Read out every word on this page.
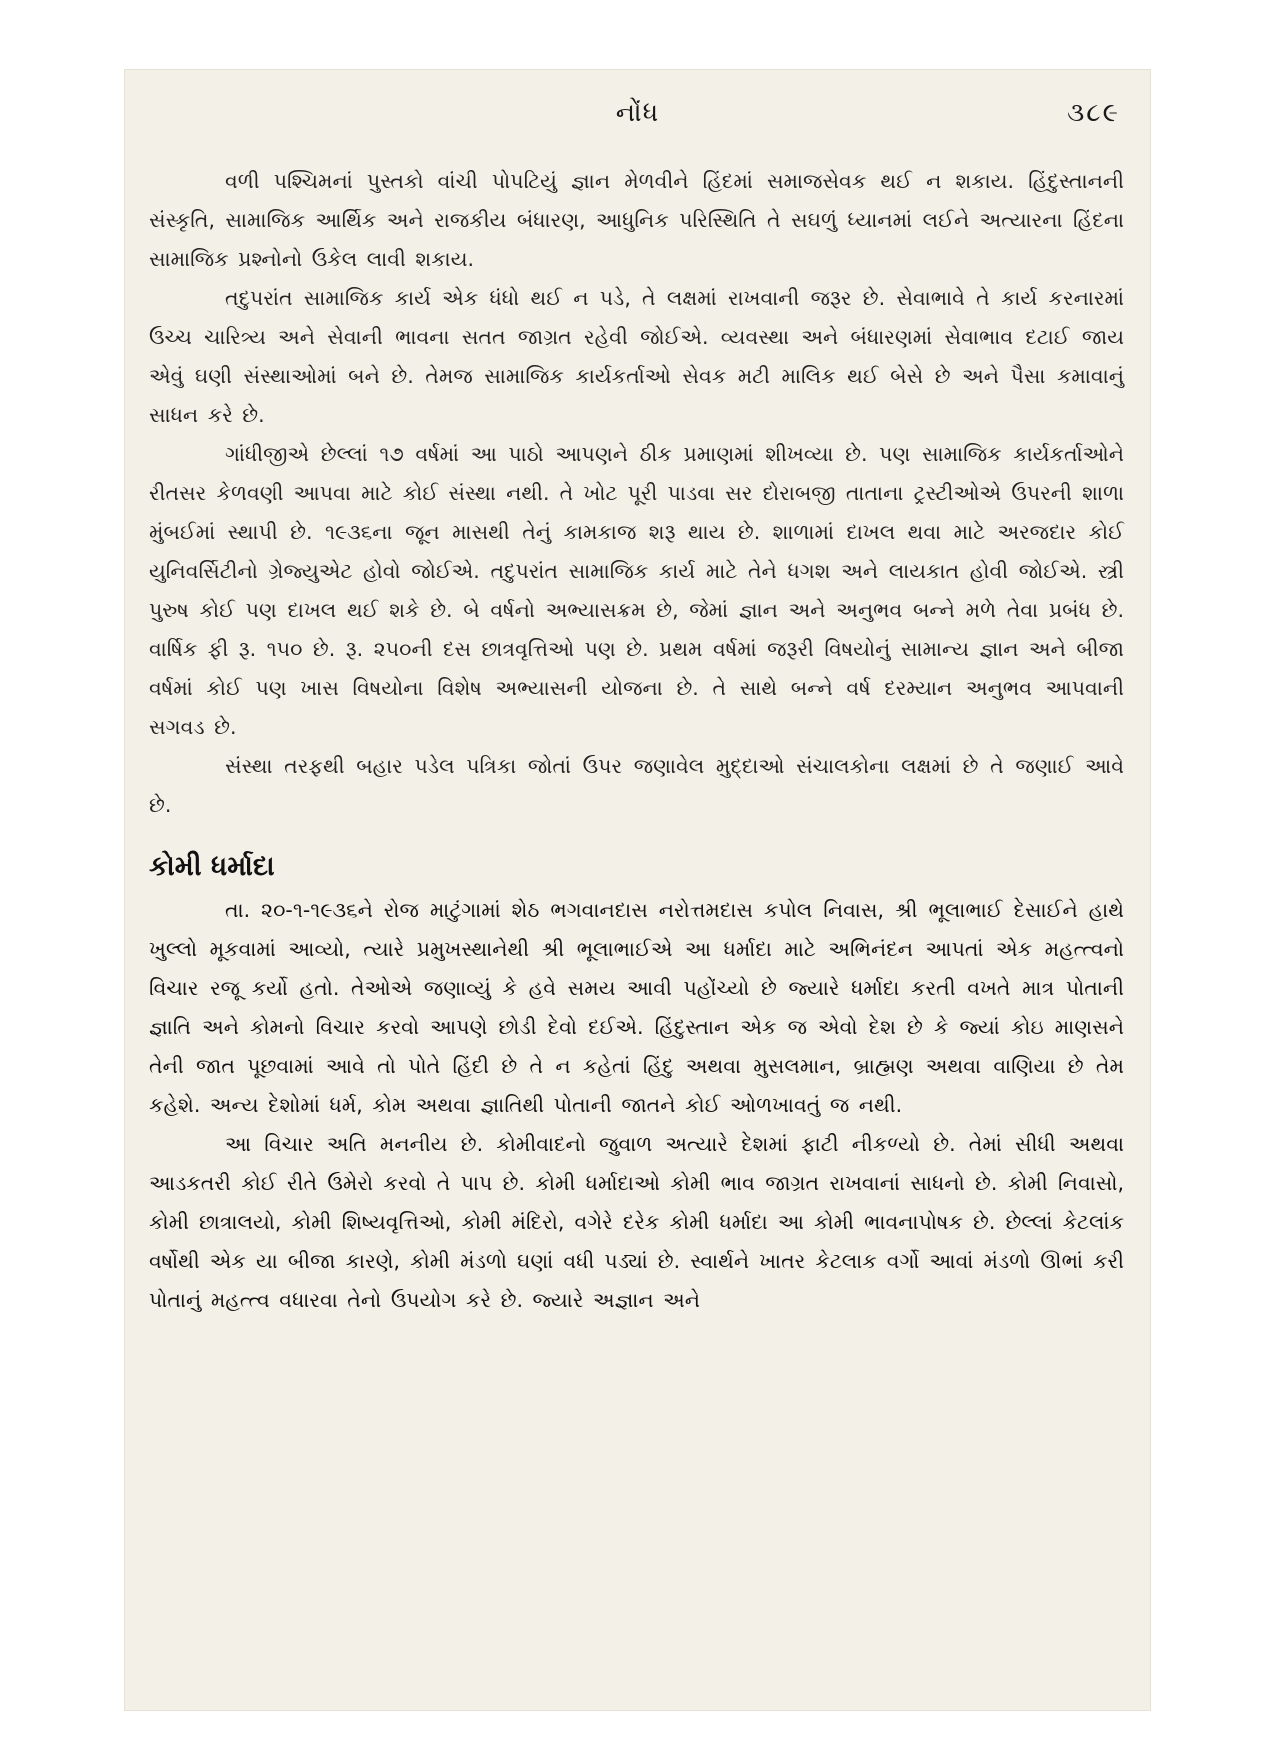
નોંધ	૩૮૯

વળી પશ્ચિમનાં પુસ્તકો વાંચી પોપટિયું જ્ઞાન મેળવીને હિંદમાં સમાજસેવક થઈ ન શકાય. હિંદુસ્તાનની સંસ્કૃતિ, સામાજિક આર્થિક અને રાજકીય બંધારણ, આધુનિક પરિસ્થિતિ તે સઘળું ધ્યાનમાં લઈને અત્યારના હિંદના સામાજિક પ્રશ્નોનો ઉકેલ લાવી શકાય.

તદુપરાંત સામાજિક કાર્ય એક ધંધો થઈ ન પડે, તે લક્ષમાં રાખવાની જરૂર છે. સેવાભાવે તે કાર્ય કરનારમાં ઉચ્ચ ચારિત્ર્ય અને સેવાની ભાવના સતત જાગ્રત રહેવી જોઈએ. વ્યવસ્થા અને બંધારણમાં સેવાભાવ દટાઈ જાય એવું ઘણી સંસ્થાઓમાં બને છે. તેમજ સામાજિક કાર્યકર્તાઓ સેવક મટી માલિક થઈ બેસે છે અને પૈસા કમાવાનું સાધન કરે છે.

ગાંધીજીએ છેલ્લાં ૧૭ વર્ષમાં આ પાઠો આપણને ઠીક પ્રમાણમાં શીખવ્યા છે. પણ સામાજિક કાર્યકર્તાઓને રીતસર કેળવણી આપવા માટે કોઈ સંસ્થા નથી. તે ખોટ પૂરી પાડવા સર દોરાબજી તાતાના ટ્રસ્ટીઓએ ઉપરની શાળા મુંબઈમાં સ્થાપી છે. ૧૯૩૬ના જૂન માસથી તેનું કામકાજ શરૂ થાય છે. શાળામાં દાખલ થવા માટે અરજદાર કોઈ યુનિવર્સિટીનો ગ્રેજ્યુએટ હોવો જોઈએ. તદુપરાંત સામાજિક કાર્ય માટે તેને ધગશ અને લાયકાત હોવી જોઈએ. સ્ત્રી પુરુષ કોઈ પણ દાખલ થઈ શકે છે. બે વર્ષનો અભ્યાસક્રમ છે, જેમાં જ્ઞાન અને અનુભવ બન્ને મળે તેવા પ્રબંધ છે. વાર્ષિક ફી રૂ. ૧૫૦ છે. રૂ. ૨૫૦ની દસ છાત્રવૃત્તિઓ પણ છે. પ્રથમ વર્ષમાં જરૂરી વિષયોનું સામાન્ય જ્ઞાન અને બીજા વર્ષમાં કોઈ પણ ખાસ વિષયોના વિશેષ અભ્યાસની યોજના છે. તે સાથે બન્ને વર્ષ દરમ્યાન અનુભવ આપવાની સગવડ છે.

સંસ્થા તરફથી બહાર પડેલ પત્રિકા જોતાં ઉપર જણાવેલ મુદ્દાઓ સંચાલકોના લક્ષમાં છે તે જણાઈ આવે છે.

કોમી ધર્માદા

તા. ૨૦-૧-૧૯૩૬ને રોજ માટુંગામાં શેઠ ભગવાનદાસ નરોત્તમદાસ કપોલ નિવાસ, શ્રી ભૂલાભાઈ દેસાઈને હાથે ખુલ્લો મૂકવામાં આવ્યો, ત્યારે પ્રમુખસ્થાનેથી શ્રી ભૂલાભાઈએ આ ધર્માદા માટે અભિનંદન આપતાં એક મહત્ત્વનો વિચાર રજૂ કર્યો હતો. તેઓએ જણાવ્યું કે હવે સમય આવી પહોંચ્યો છે જ્યારે ધર્માદા કરતી વખતે માત્ર પોતાની જ્ઞાતિ અને કોમનો વિચાર કરવો આપણે છોડી દેવો દઈએ. હિંદુસ્તાન એક જ એવો દેશ છે કે જ્યાં કોઇ માણસને તેની જાત પૂછવામાં આવે તો પોતે હિંદી છે તે ન કહેતાં હિંદુ અથવા મુસલમાન, બ્રાહ્મણ અથવા વાણિયા છે તેમ કહેશે. અન્ય દેશોમાં ધર્મ, કોમ અથવા જ્ઞાતિથી પોતાની જાતને કોઈ ઓળખાવતું જ નથી.

આ વિચાર અતિ મનનીય છે. કોમીવાદનો જુવાળ અત્યારે દેશમાં ફાટી નીકળ્યો છે. તેમાં સીધી અથવા આડકતરી કોઈ રીતે ઉમેરો કરવો તે પાપ છે. કોમી ધર્માદાઓ કોમી ભાવ જાગ્રત રાખવાનાં સાધનો છે. કોમી નિવાસો, કોમી છાત્રાલયો, કોમી શિષ્યવૃત્તિઓ, કોમી મંદિરો, વગેરે દરેક કોમી ધર્માદા આ કોમી ભાવનાપોષક છે. છેલ્લાં કેટલાંક વર્ષોથી એક યા બીજા કારણે, કોમી મંડળો ઘણાં વધી પડ્યાં છે. સ્વાર્થને ખાતર કેટલાક વર્ગો આવાં મંડળો ઊભાં કરી પોતાનું મહત્ત્વ વધારવા તેનો ઉપયોગ કરે છે. જ્યારે અજ્ઞાન અને
